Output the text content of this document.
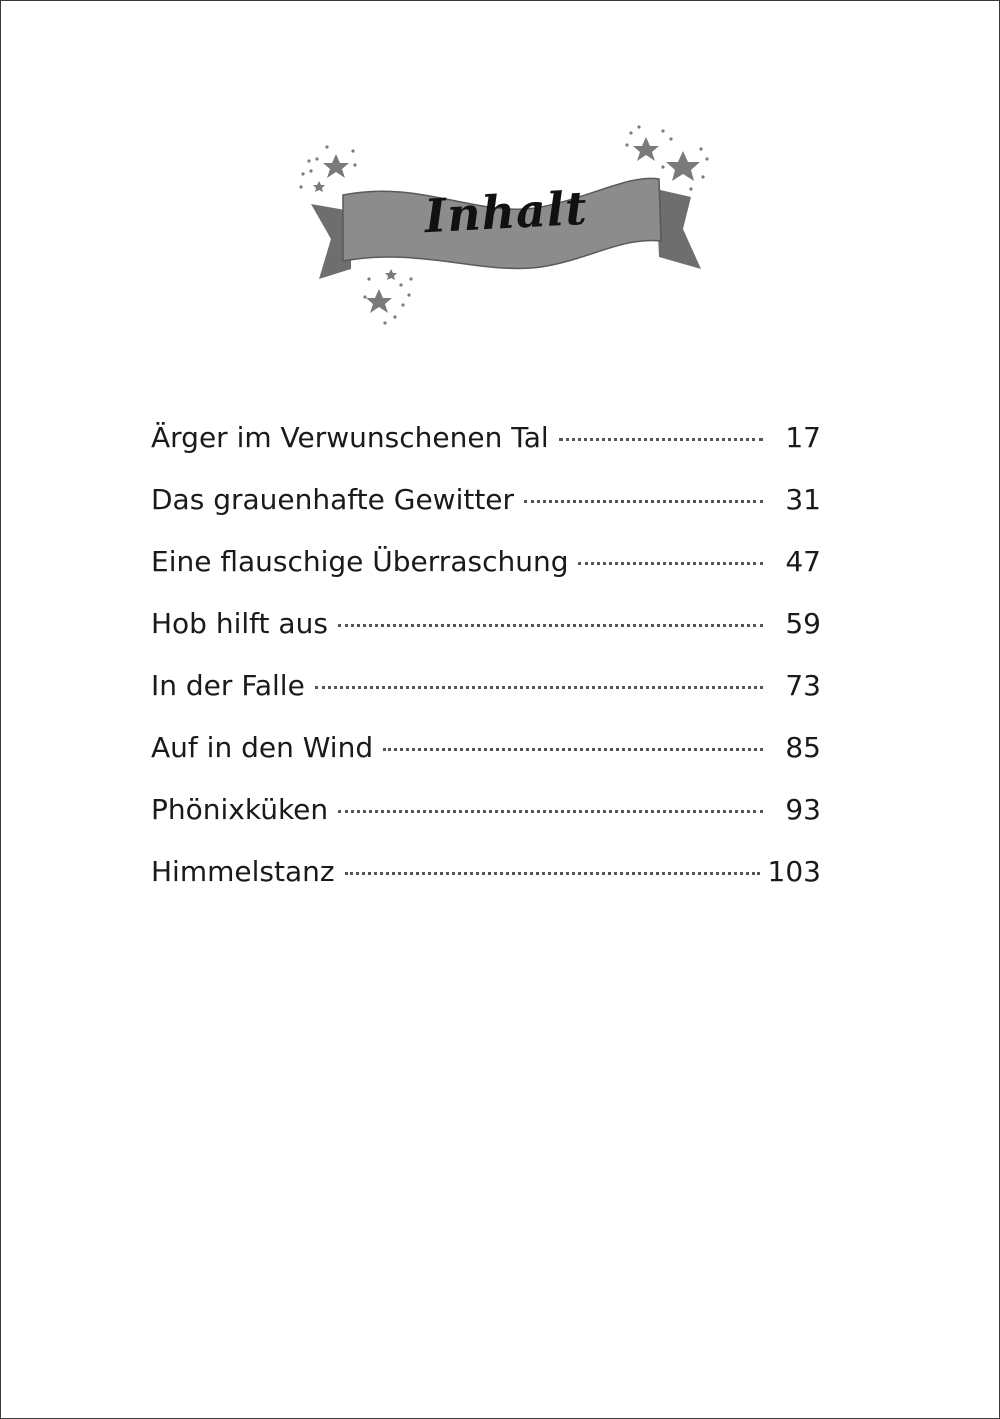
Inhalt
Ärger im Verwunschenen Tal	17
Das grauenhafte Gewitter	31
Eine flauschige Überraschung	47
Hob hilft aus	59
In der Falle	73
Auf in den Wind	85
Phönixküken	93
Himmelstanz	103
